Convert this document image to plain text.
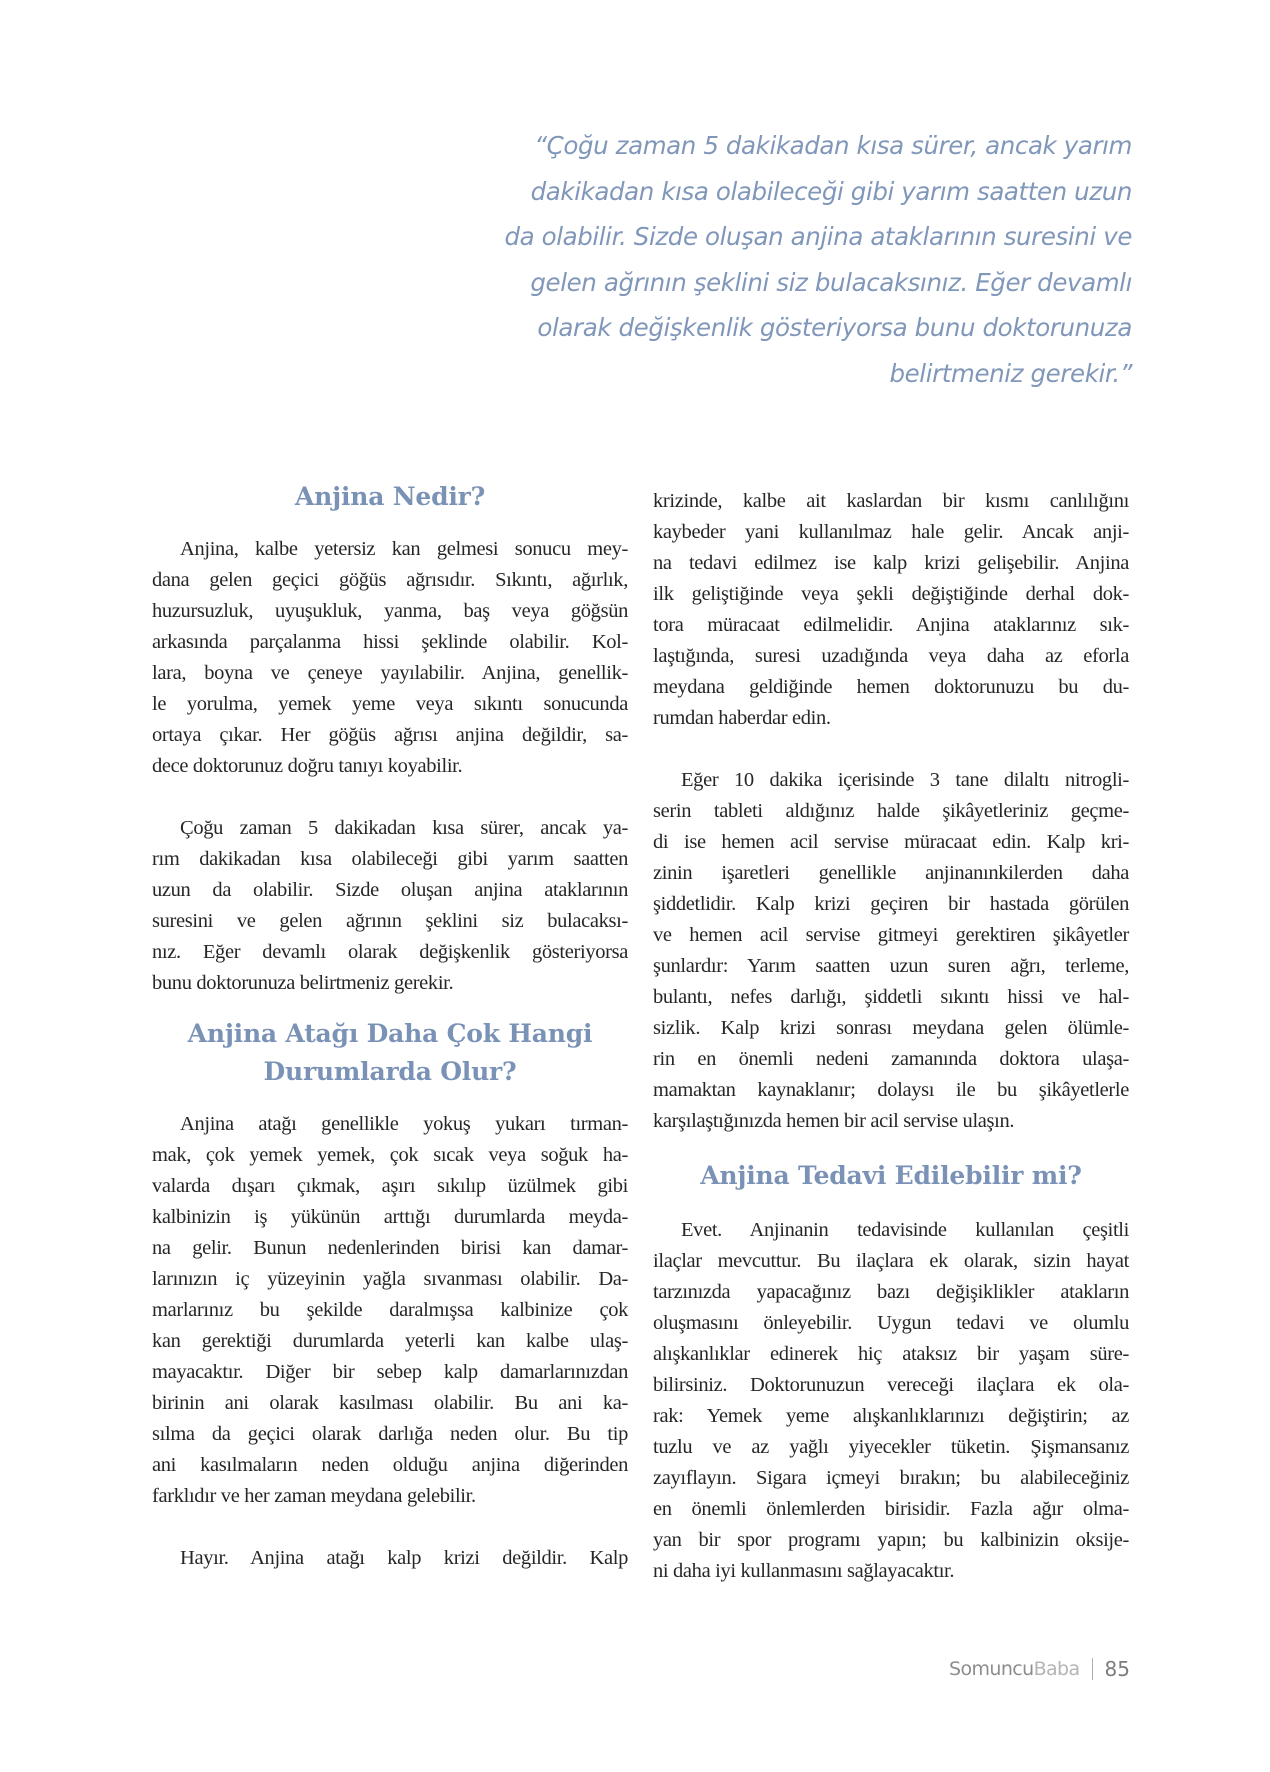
“Çoğu zaman 5 dakikadan kısa sürer, ancak yarım
dakikadan kısa olabileceği gibi yarım saatten uzun
da olabilir. Sizde oluşan anjina ataklarının suresini ve
gelen ağrının şeklini siz bulacaksınız. Eğer devamlı
olarak değişkenlik gösteriyorsa bunu doktorunuza
belirtmeniz gerekir.”
Anjina Nedir?
Anjina, kalbe yetersiz kan gelmesi sonucu mey-
dana gelen geçici göğüs ağrısıdır. Sıkıntı, ağırlık,
huzursuzluk, uyuşukluk, yanma, baş veya göğsün
arkasında parçalanma hissi şeklinde olabilir. Kol-
lara, boyna ve çeneye yayılabilir. Anjina, genellik-
le yorulma, yemek yeme veya sıkıntı sonucunda
ortaya çıkar. Her göğüs ağrısı anjina değildir, sa-
dece doktorunuz doğru tanıyı koyabilir.
Çoğu zaman 5 dakikadan kısa sürer, ancak ya-
rım dakikadan kısa olabileceği gibi yarım saatten
uzun da olabilir. Sizde oluşan anjina ataklarının
suresini ve gelen ağrının şeklini siz bulacaksı-
nız. Eğer devamlı olarak değişkenlik gösteriyorsa
bunu doktorunuza belirtmeniz gerekir.
Anjina Atağı Daha Çok Hangi
Durumlarda Olur?
Anjina atağı genellikle yokuş yukarı tırman-
mak, çok yemek yemek, çok sıcak veya soğuk ha-
valarda dışarı çıkmak, aşırı sıkılıp üzülmek gibi
kalbinizin iş yükünün arttığı durumlarda meyda-
na gelir. Bunun nedenlerinden birisi kan damar-
larınızın iç yüzeyinin yağla sıvanması olabilir. Da-
marlarınız bu şekilde daralmışsa kalbinize çok
kan gerektiği durumlarda yeterli kan kalbe ulaş-
mayacaktır. Diğer bir sebep kalp damarlarınızdan
birinin ani olarak kasılması olabilir. Bu ani ka-
sılma da geçici olarak darlığa neden olur. Bu tip
ani kasılmaların neden olduğu anjina diğerinden
farklıdır ve her zaman meydana gelebilir.
Hayır. Anjina atağı kalp krizi değildir. Kalp
krizinde, kalbe ait kaslardan bir kısmı canlılığını
kaybeder yani kullanılmaz hale gelir. Ancak anji-
na tedavi edilmez ise kalp krizi gelişebilir. Anjina
ilk geliştiğinde veya şekli değiştiğinde derhal dok-
tora müracaat edilmelidir. Anjina ataklarınız sık-
laştığında, suresi uzadığında veya daha az eforla
meydana geldiğinde hemen doktorunuzu bu du-
rumdan haberdar edin.
Eğer 10 dakika içerisinde 3 tane dilaltı nitrogli-
serin tableti aldığınız halde şikâyetleriniz geçme-
di ise hemen acil servise müracaat edin. Kalp kri-
zinin işaretleri genellikle anjinanınkilerden daha
şiddetlidir. Kalp krizi geçiren bir hastada görülen
ve hemen acil servise gitmeyi gerektiren şikâyetler
şunlardır: Yarım saatten uzun suren ağrı, terleme,
bulantı, nefes darlığı, şiddetli sıkıntı hissi ve hal-
sizlik. Kalp krizi sonrası meydana gelen ölümle-
rin en önemli nedeni zamanında doktora ulaşa-
mamaktan kaynaklanır; dolaysı ile bu şikâyetlerle
karşılaştığınızda hemen bir acil servise ulaşın.
Anjina Tedavi Edilebilir mi?
Evet. Anjinanin tedavisinde kullanılan çeşitli
ilaçlar mevcuttur. Bu ilaçlara ek olarak, sizin hayat
tarzınızda yapacağınız bazı değişiklikler atakların
oluşmasını önleyebilir. Uygun tedavi ve olumlu
alışkanlıklar edinerek hiç ataksız bir yaşam süre-
bilirsiniz. Doktorunuzun vereceği ilaçlara ek ola-
rak: Yemek yeme alışkanlıklarınızı değiştirin; az
tuzlu ve az yağlı yiyecekler tüketin. Şişmansanız
zayıflayın. Sigara içmeyi bırakın; bu alabileceğiniz
en önemli önlemlerden birisidir. Fazla ağır olma-
yan bir spor programı yapın; bu kalbinizin oksije-
ni daha iyi kullanmasını sağlayacaktır.
Somuncu Baba 85
